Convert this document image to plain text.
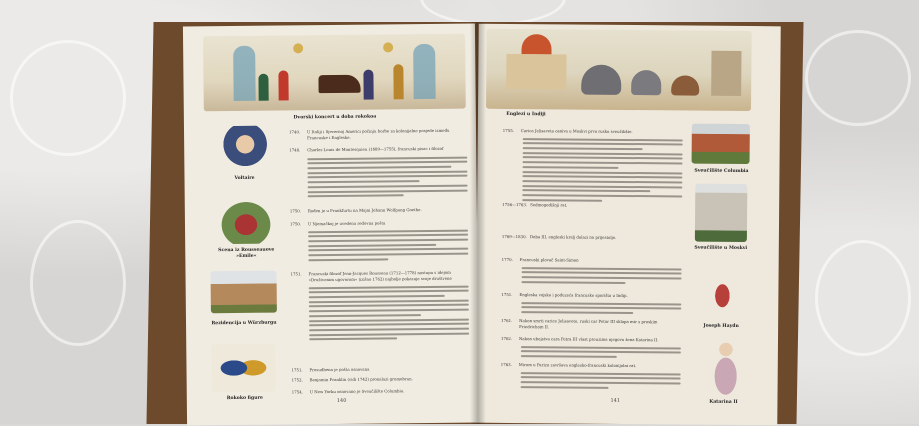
Dvorski koncert u doba rokokoa
Voltaire
Scena iz Rousseauove »Emile«
Rezidencija u Würzburgu
Rokoko figure
1740. U Italiji i Sjevernoj Americi počinju borbe za kolonijalne posjede između
Francuske i Engleske.
1748. Charles Louis de Montesquieu (1689—1755), francuski pisac i filozof
1750. Rođen je u Frankfurtu na Majni Johann Wolfgang Goethe.
1750. U Njemačkoj je uvedena redovna pošta
1751. Francuski filozof Jean-Jacques Rousseau (1712—1778) nastupa s idejom
»Društvenim ugovorom« (izišao 1762) najbolje pokazuje svoje društvene
1751. Prosudbena je pošta osnovana
1752. Benjamin Franklin (vidi 1742) pronalazi gromobran.
1754. U New Yorku osnovano je Sveučilište Columbia.
140
Englezi u Indiji
Sveučilište Columbia
Sveučilište u Moskvi
Joseph Haydn
Katarina II
1755. Carica Jelisaveta osniva u Moskvi prvo rusko sveučilište.
1756—1763. Sedmogodišnji rat.
1769—1830. Doba III, engleski kralj dolazi na prijestolje.
1770. Francuski plovač Saint-Simon
1751. Engleska vojska i poduzeća francuske sporišta u Indiji.
1761. Nakon smrti carice Jelisavete, ruski car Petar III sklapa mir s pruskim
Friedrichom II.
1762. Nakon ubojstva cara Petra III vlast preuzima njegova žena Katarina II.
1763. Mirom u Parizu završava englesko-francuski kolonijalni rat.
141
